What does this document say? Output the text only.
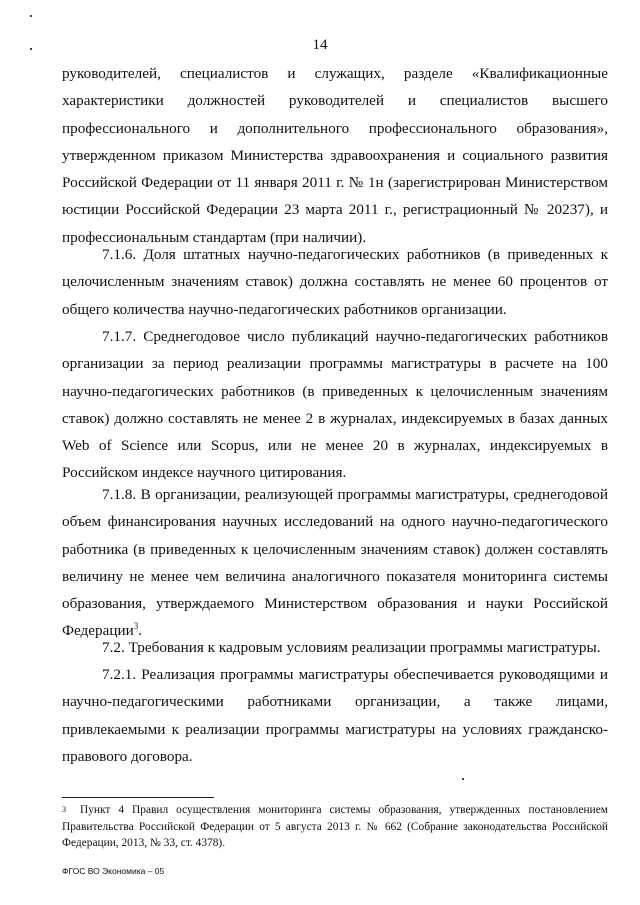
14

руководителей, специалистов и служащих, разделе «Квалификационные характеристики должностей руководителей и специалистов высшего профессионального и дополнительного профессионального образования», утвержденном приказом Министерства здравоохранения и социального развития Российской Федерации от 11 января 2011 г. № 1н (зарегистрирован Министерством юстиции Российской Федерации 23 марта 2011 г., регистрационный № 20237), и профессиональным стандартам (при наличии).

7.1.6. Доля штатных научно-педагогических работников (в приведенных к целочисленным значениям ставок) должна составлять не менее 60 процентов от общего количества научно-педагогических работников организации.

7.1.7. Среднегодовое число публикаций научно-педагогических работников организации за период реализации программы магистратуры в расчете на 100 научно-педагогических работников (в приведенных к целочисленным значениям ставок) должно составлять не менее 2 в журналах, индексируемых в базах данных Web of Science или Scopus, или не менее 20 в журналах, индексируемых в Российском индексе научного цитирования.

7.1.8. В организации, реализующей программы магистратуры, среднегодовой объем финансирования научных исследований на одного научно-педагогического работника (в приведенных к целочисленным значениям ставок) должен составлять величину не менее чем величина аналогичного показателя мониторинга системы образования, утверждаемого Министерством образования и науки Российской Федерации$^3$.

7.2. Требования к кадровым условиям реализации программы магистратуры.

7.2.1. Реализация программы магистратуры обеспечивается руководящими и научно-педагогическими работниками организации, а также лицами, привлекаемыми к реализации программы магистратуры на условиях гражданско-правового договора.

$^3$ Пункт 4 Правил осуществления мониторинга системы образования, утвержденных постановлением Правительства Российской Федерации от 5 августа 2013 г. № 662 (Собрание законодательства Российской Федерации, 2013, № 33, ст. 4378).

ФГОС ВО Экономика – 05
